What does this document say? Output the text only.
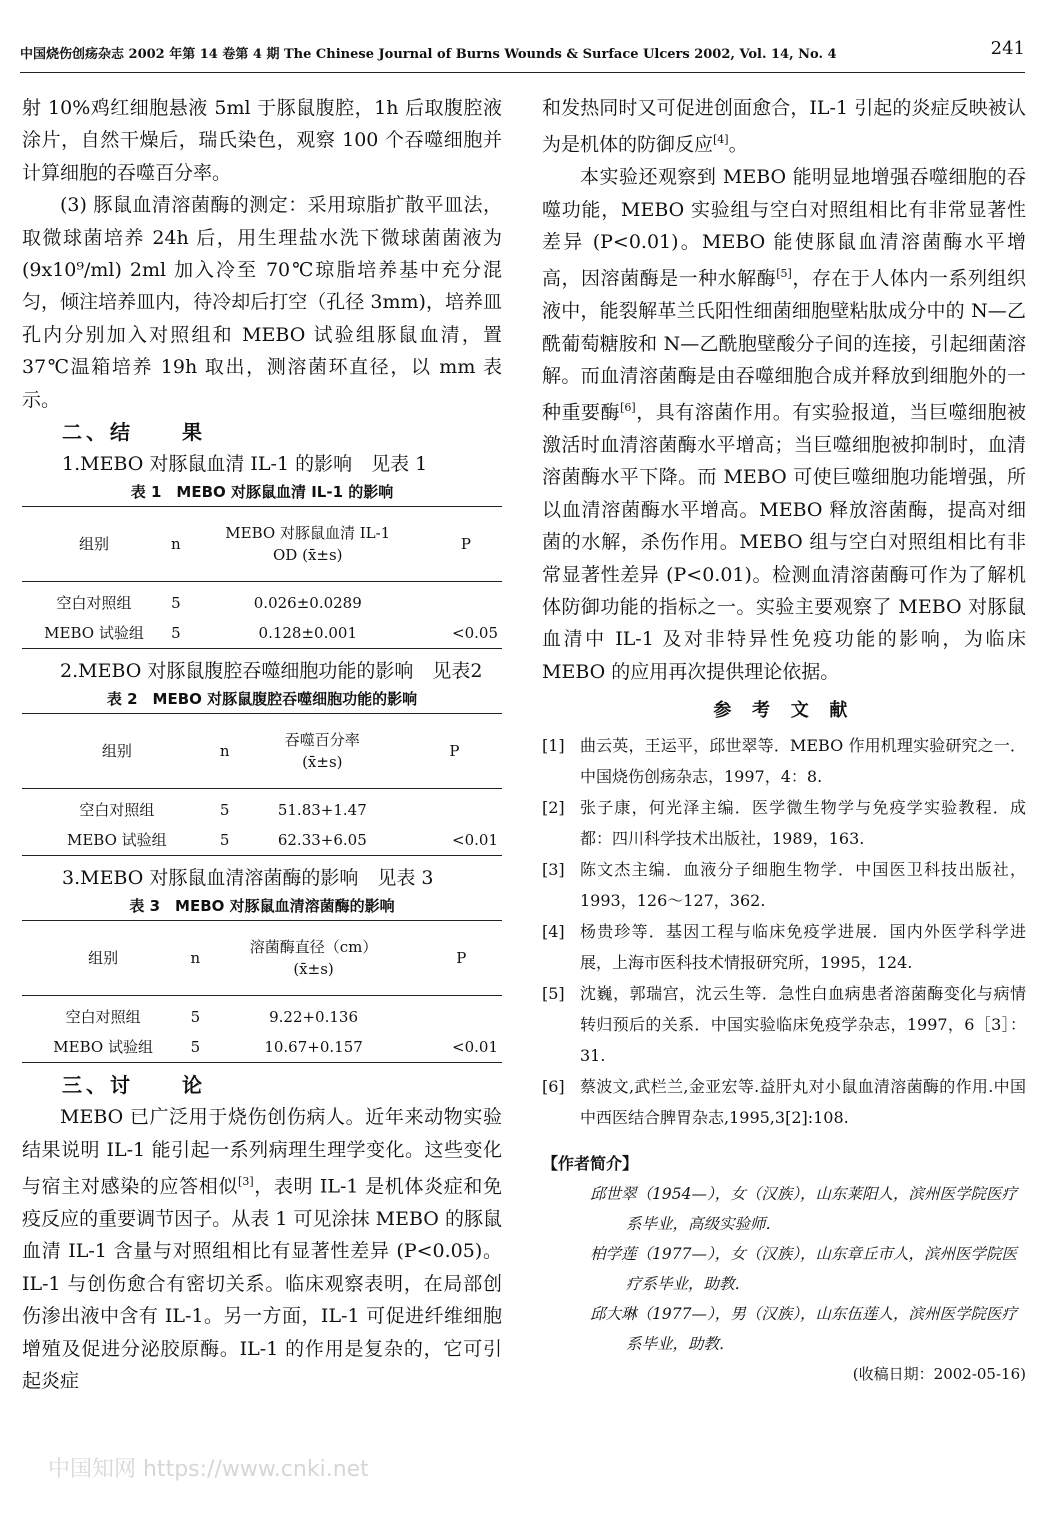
中国烧伤创疡杂志 2002 年第 14 卷第 4 期 The Chinese Journal of Burns Wounds & Surface Ulcers 2002, Vol. 14, No. 4	241

射 10%鸡红细胞悬液 5ml 于豚鼠腹腔，1h 后取腹腔液涂片，自然干燥后，瑞氏染色，观察 100 个吞噬细胞并计算细胞的吞噬百分率。

(3) 豚鼠血清溶菌酶的测定：采用琼脂扩散平皿法，取微球菌培养 24h 后，用生理盐水洗下微球菌菌液为 (9x10⁹/ml) 2ml 加入冷至 70℃琼脂培养基中充分混匀，倾注培养皿内，待冷却后打空（孔径 3mm)，培养皿孔内分别加入对照组和 MEBO 试验组豚鼠血清，置 37℃温箱培养 19h 取出，测溶菌环直径，以 mm 表示。

二、结　　果
1.MEBO 对豚鼠血清 IL-1 的影响　见表 1
表 1　MEBO 对豚鼠血清 IL-1 的影响
组别	n	MEBO 对豚鼠血清 IL-1
OD (x̄±s)	P
空白对照组	5	0.026±0.0289	
MEBO 试验组	5	0.128±0.001	<0.05

2.MEBO 对豚鼠腹腔吞噬细胞功能的影响　见表2

表 2　MEBO 对豚鼠腹腔吞噬细胞功能的影响
组别	n	吞噬百分率
(x̄±s)	P
空白对照组	5	51.83+1.47	
MEBO 试验组	5	62.33+6.05	<0.01
3.MEBO 对豚鼠血清溶菌酶的影响　见表 3
表 3　MEBO 对豚鼠血清溶菌酶的影响
组别	n	溶菌酶直径（cm）
(x̄±s)	P
空白对照组	5	9.22+0.136	
MEBO 试验组	5	10.67+0.157	<0.01
三、讨　　论

MEBO 已广泛用于烧伤创伤病人。近年来动物实验结果说明 IL-1 能引起一系列病理生理学变化。这些变化与宿主对感染的应答相似[3]，表明 IL-1 是机体炎症和免疫反应的重要调节因子。从表 1 可见涂抹 MEBO 的豚鼠血清 IL-1 含量与对照组相比有显著性差异 (P<0.05)。IL-1 与创伤愈合有密切关系。临床观察表明，在局部创伤渗出液中含有 IL-1。另一方面，IL-1 可促进纤维细胞增殖及促进分泌胶原酶。IL-1 的作用是复杂的，它可引起炎症

和发热同时又可促进创面愈合，IL-1 引起的炎症反映被认为是机体的防御反应[4]。

本实验还观察到 MEBO 能明显地增强吞噬细胞的吞噬功能，MEBO 实验组与空白对照组相比有非常显著性差异 (P<0.01)。MEBO 能使豚鼠血清溶菌酶水平增高，因溶菌酶是一种水解酶[5]，存在于人体内一系列组织液中，能裂解革兰氏阳性细菌细胞壁粘肽成分中的 N—乙酰葡萄糖胺和 N—乙酰胞壁酸分子间的连接，引起细菌溶解。而血清溶菌酶是由吞噬细胞合成并释放到细胞外的一种重要酶[6]，具有溶菌作用。有实验报道，当巨噬细胞被激活时血清溶菌酶水平增高；当巨噬细胞被抑制时，血清溶菌酶水平下降。而 MEBO 可使巨噬细胞功能增强，所以血清溶菌酶水平增高。MEBO 释放溶菌酶，提高对细菌的水解，杀伤作用。MEBO 组与空白对照组相比有非常显著性差异 (P<0.01)。检测血清溶菌酶可作为了解机体防御功能的指标之一。实验主要观察了 MEBO 对豚鼠血清中 IL-1 及对非特异性免疫功能的影响，为临床 MEBO 的应用再次提供理论依据。

参 考 文 献
[1] 曲云英，王运平，邱世翠等．MEBO 作用机理实验研究之一．中国烧伤创疡杂志，1997，4：8.
[2] 张子康，何光泽主编．医学微生物学与免疫学实验教程．成都：四川科学技术出版社，1989，163.
[3] 陈文杰主编．血液分子细胞生物学．中国医卫科技出版社，1993，126～127，362.
[4] 杨贵珍等．基因工程与临床免疫学进展．国内外医学科学进展，上海市医科技术情报研究所，1995，124.
[5] 沈巍，郭瑞宫，沈云生等．急性白血病患者溶菌酶变化与病情转归预后的关系．中国实验临床免疫学杂志，1997，6［3］：31.
[6] 蔡波文,武栏兰,金亚宏等.益肝丸对小鼠血清溶菌酶的作用.中国中西医结合脾胃杂志,1995,3[2]:108.
【作者简介】
邱世翠（1954—），女（汉族），山东莱阳人，滨州医学院医疗系毕业，高级实验师．
柏学莲（1977—），女（汉族），山东章丘市人，滨州医学院医疗系毕业，助教．
邱大琳（1977—），男（汉族），山东伍莲人，滨州医学院医疗系毕业，助教．
(收稿日期：2002-05-16)
中国知网 https://www.cnki.net
